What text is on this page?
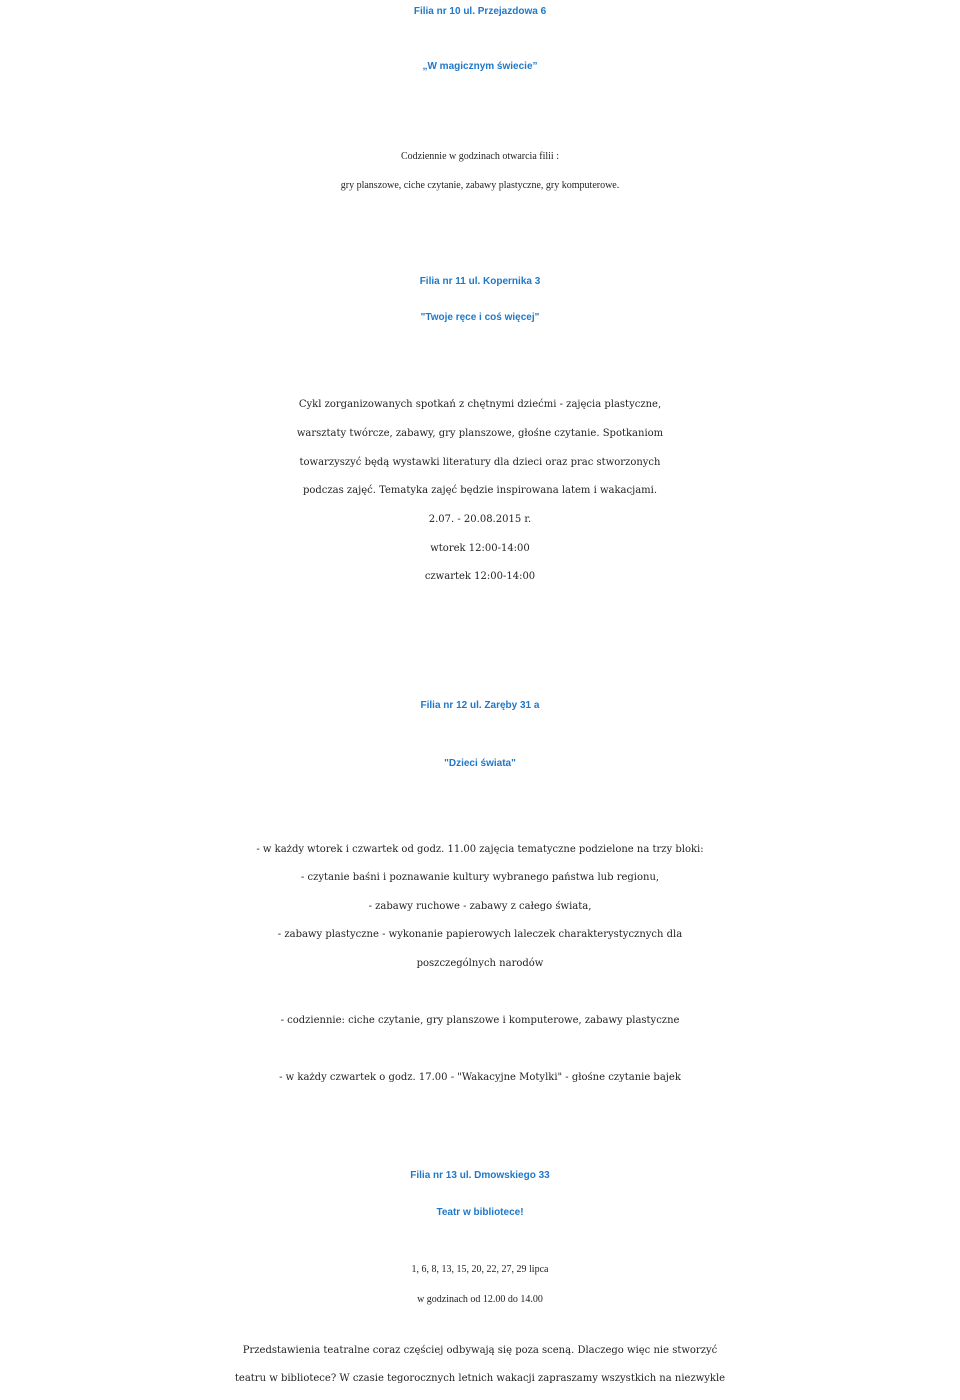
Filia nr 10 ul. Przejazdowa 6
„W magicznym świecie”
Codziennie w godzinach otwarcia filii :
gry planszowe, ciche czytanie, zabawy plastyczne, gry komputerowe.
Filia nr 11 ul. Kopernika 3
"Twoje ręce i coś więcej"
Cykl zorganizowanych spotkań z chętnymi dziećmi - zajęcia plastyczne,
warsztaty twórcze, zabawy, gry planszowe, głośne czytanie. Spotkaniom
towarzyszyć będą wystawki literatury dla dzieci oraz prac stworzonych
podczas zajęć. Tematyka zajęć będzie inspirowana latem i wakacjami.
2.07. - 20.08.2015 r.
wtorek 12:00-14:00
czwartek 12:00-14:00
Filia nr 12 ul. Zaręby 31 a
"Dzieci świata"
- w każdy wtorek i czwartek od godz. 11.00 zajęcia tematyczne podzielone na trzy bloki:
- czytanie baśni i poznawanie kultury wybranego państwa lub regionu,
- zabawy ruchowe - zabawy z całego świata,
- zabawy plastyczne - wykonanie papierowych laleczek charakterystycznych dla
poszczególnych narodów
- codziennie: ciche czytanie, gry planszowe i komputerowe, zabawy plastyczne
- w każdy czwartek o godz. 17.00 - "Wakacyjne Motylki" - głośne czytanie bajek
Filia nr 13 ul. Dmowskiego 33
Teatr w bibliotece!
1, 6, 8, 13, 15, 20, 22, 27, 29 lipca
w godzinach od 12.00 do 14.00
Przedstawienia teatralne coraz częściej odbywają się poza sceną. Dlaczego więc nie stworzyć
teatru w bibliotece? W czasie tegorocznych letnich wakacji zapraszamy wszystkich na niezwykle
